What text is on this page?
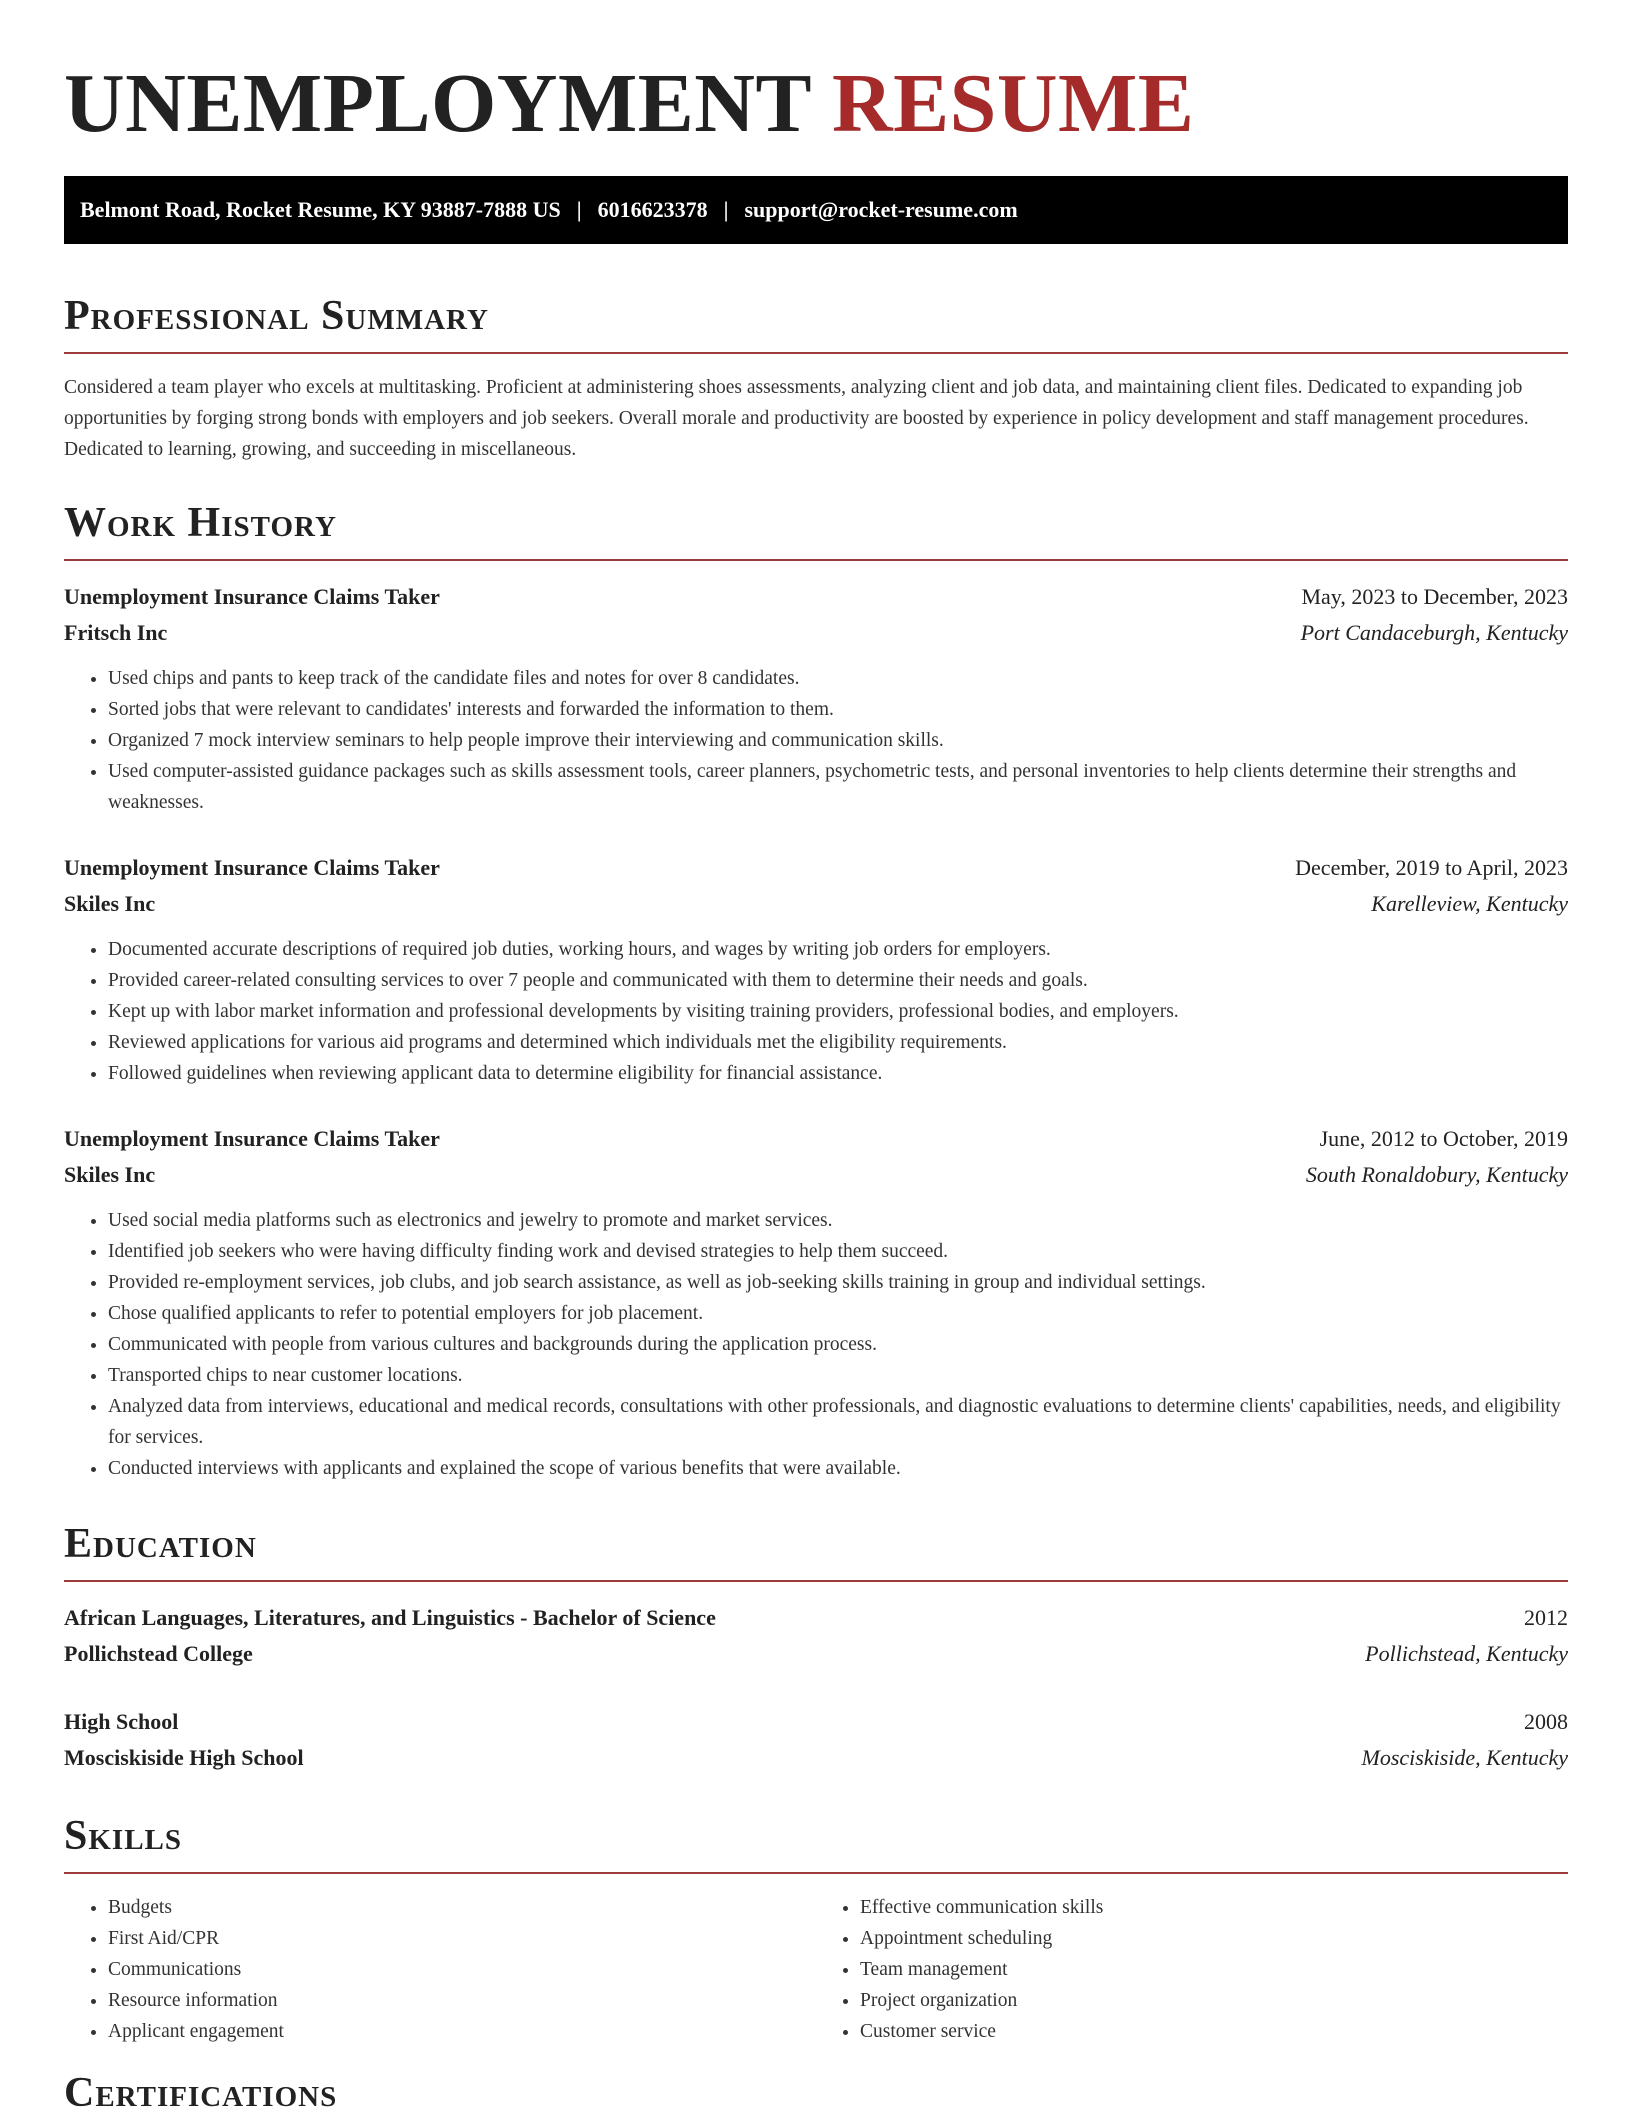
UNEMPLOYMENT RESUME
Belmont Road, Rocket Resume, KY 93887-7888 US | 6016623378 | support@rocket-resume.com
Professional Summary

Considered a team player who excels at multitasking. Proficient at administering shoes assessments, analyzing client and job data, and maintaining client files. Dedicated to expanding job opportunities by forging strong bonds with employers and job seekers. Overall morale and productivity are boosted by experience in policy development and staff management procedures. Dedicated to learning, growing, and succeeding in miscellaneous.

Work History
Unemployment Insurance Claims Taker	May, 2023 to December, 2023
Fritsch Inc	Port Candaceburgh, Kentucky
• Used chips and pants to keep track of the candidate files and notes for over 8 candidates.
• Sorted jobs that were relevant to candidates' interests and forwarded the information to them.
• Organized 7 mock interview seminars to help people improve their interviewing and communication skills.
• Used computer-assisted guidance packages such as skills assessment tools, career planners, psychometric tests, and personal inventories to help clients determine their strengths and weaknesses.
Unemployment Insurance Claims Taker	December, 2019 to April, 2023
Skiles Inc	Karelleview, Kentucky
• Documented accurate descriptions of required job duties, working hours, and wages by writing job orders for employers.
• Provided career-related consulting services to over 7 people and communicated with them to determine their needs and goals.
• Kept up with labor market information and professional developments by visiting training providers, professional bodies, and employers.
• Reviewed applications for various aid programs and determined which individuals met the eligibility requirements.
• Followed guidelines when reviewing applicant data to determine eligibility for financial assistance.
Unemployment Insurance Claims Taker	June, 2012 to October, 2019
Skiles Inc	South Ronaldobury, Kentucky
• Used social media platforms such as electronics and jewelry to promote and market services.
• Identified job seekers who were having difficulty finding work and devised strategies to help them succeed.
• Provided re-employment services, job clubs, and job search assistance, as well as job-seeking skills training in group and individual settings.
• Chose qualified applicants to refer to potential employers for job placement.
• Communicated with people from various cultures and backgrounds during the application process.
• Transported chips to near customer locations.
• Analyzed data from interviews, educational and medical records, consultations with other professionals, and diagnostic evaluations to determine clients' capabilities, needs, and eligibility for services.
• Conducted interviews with applicants and explained the scope of various benefits that were available.
Education
African Languages, Literatures, and Linguistics - Bachelor of Science	2012
Pollichstead College	Pollichstead, Kentucky
High School	2008
Mosciskiside High School	Mosciskiside, Kentucky
Skills
• Budgets
• First Aid/CPR
• Communications
• Resource information
• Applicant engagement
• Effective communication skills
• Appointment scheduling
• Team management
• Project organization
• Customer service
Certifications
